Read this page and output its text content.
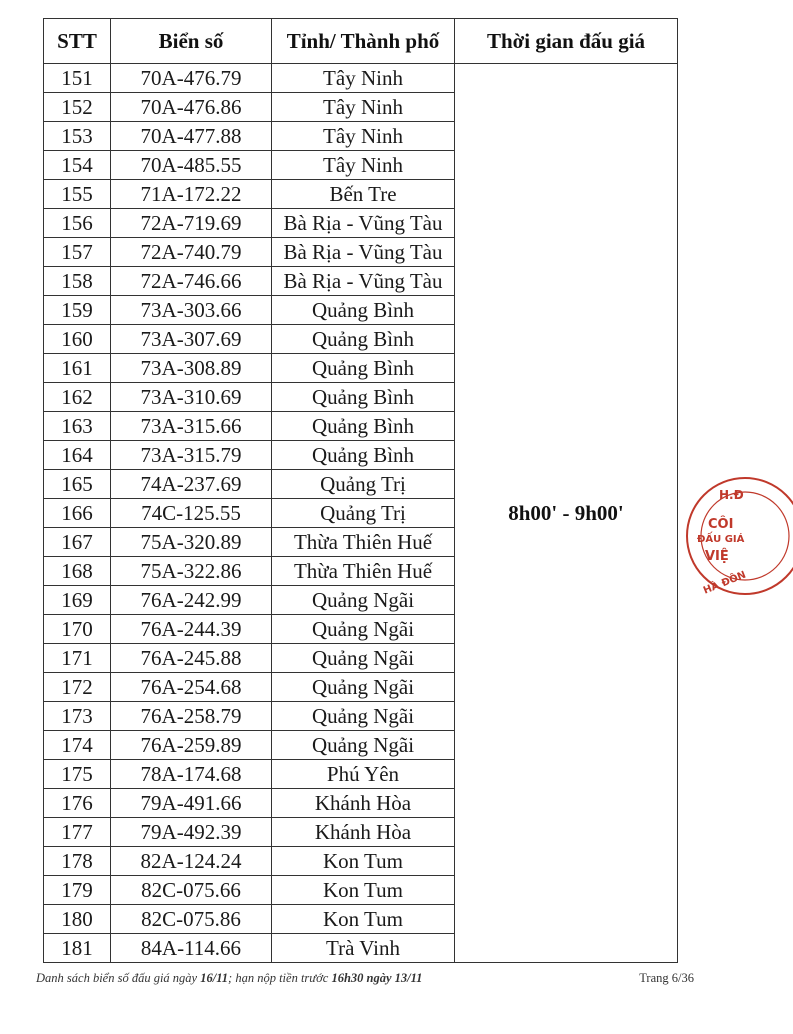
STT	Biển số	Tỉnh/ Thành phố	Thời gian đấu giá
151	70A-476.79	Tây Ninh	8h00' - 9h00'
152	70A-476.86	Tây Ninh	
153	70A-477.88	Tây Ninh	
154	70A-485.55	Tây Ninh	
155	71A-172.22	Bến Tre	
156	72A-719.69	Bà Rịa - Vũng Tàu	
157	72A-740.79	Bà Rịa - Vũng Tàu	
158	72A-746.66	Bà Rịa - Vũng Tàu	
159	73A-303.66	Quảng Bình	
160	73A-307.69	Quảng Bình	
161	73A-308.89	Quảng Bình	
162	73A-310.69	Quảng Bình	
163	73A-315.66	Quảng Bình	
164	73A-315.79	Quảng Bình	
165	74A-237.69	Quảng Trị	
166	74C-125.55	Quảng Trị	
167	75A-320.89	Thừa Thiên Huế	
168	75A-322.86	Thừa Thiên Huế	
169	76A-242.99	Quảng Ngãi	
170	76A-244.39	Quảng Ngãi	
171	76A-245.88	Quảng Ngãi	
172	76A-254.68	Quảng Ngãi	
173	76A-258.79	Quảng Ngãi	
174	76A-259.89	Quảng Ngãi	
175	78A-174.68	Phú Yên	
176	79A-491.66	Khánh Hòa	
177	79A-492.39	Khánh Hòa	
178	82A-124.24	Kon Tum	
179	82C-075.66	Kon Tum	
180	82C-075.86	Kon Tum	
181	84A-114.66	Trà Vinh	
Danh sách biển số đấu giá ngày 16/11; hạn nộp tiền trước 16h30 ngày 13/11	Trang 6/36
H.Đ
CÔI
ĐẤU GIÁ
VIỆ
HÀ ĐÔN
